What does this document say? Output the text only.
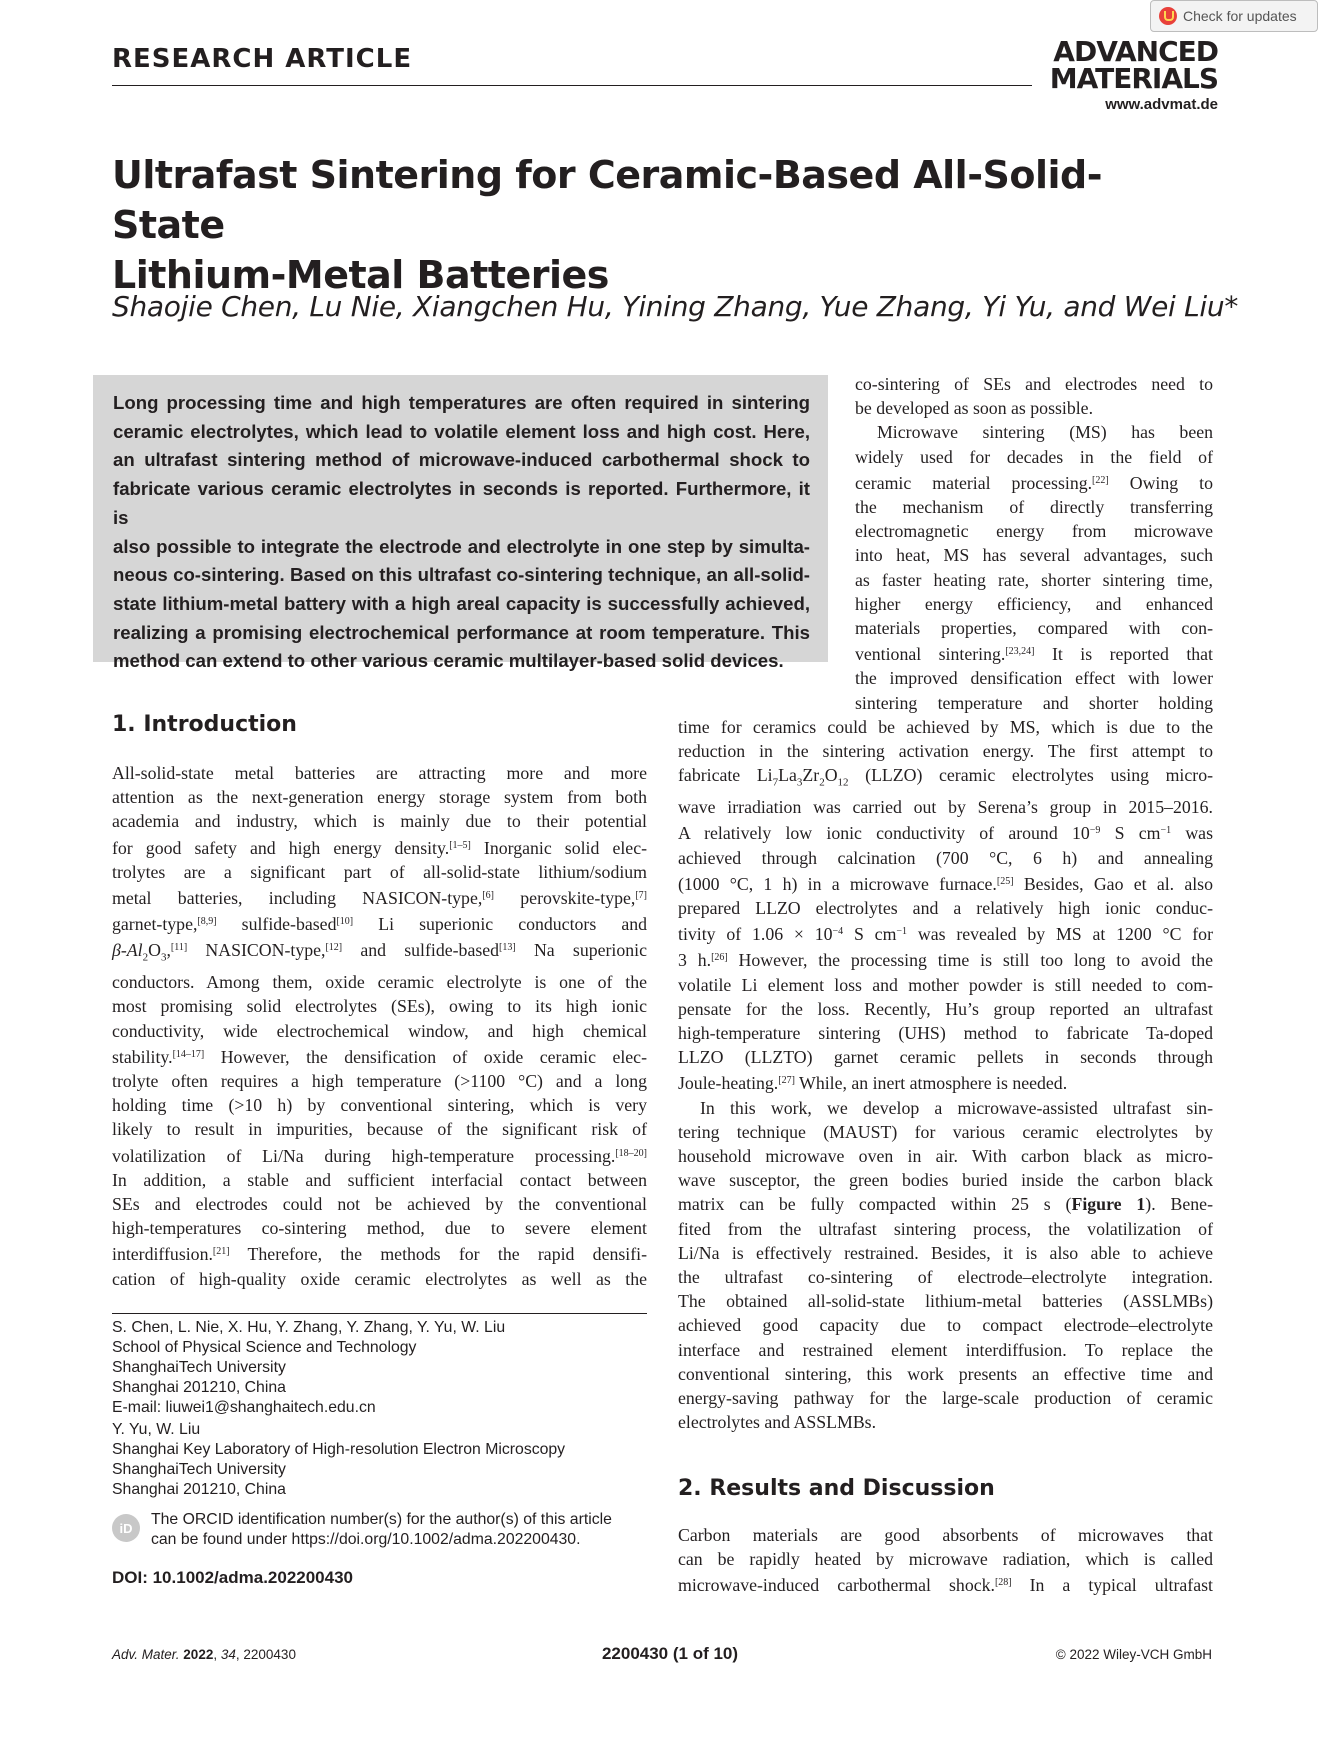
Check for updates
RESEARCH ARTICLE	ADVANCED
MATERIALS
www.advmat.de
Ultrafast Sintering for Ceramic-Based All-Solid-State
Lithium-Metal Batteries
Shaojie Chen, Lu Nie, Xiangchen Hu, Yining Zhang, Yue Zhang, Yi Yu, and Wei Liu*

Long processing time and high temperatures are often required in sintering

ceramic electrolytes, which lead to volatile element loss and high cost. Here,

an ultrafast sintering method of microwave-induced carbothermal shock to

fabricate various ceramic electrolytes in seconds is reported. Furthermore, it is

also possible to integrate the electrode and electrolyte in one step by simulta-

neous co-sintering. Based on this ultrafast co-sintering technique, an all-solid-

state lithium-metal battery with a high areal capacity is successfully achieved,

realizing a promising electrochemical performance at room temperature. This

method can extend to other various ceramic multilayer-based solid devices.

co-sintering of SEs and electrodes need to

be developed as soon as possible.

Microwave sintering (MS) has been

widely used for decades in the field of

ceramic material processing.[22] Owing to

the mechanism of directly transferring

electromagnetic energy from microwave

into heat, MS has several advantages, such

as faster heating rate, shorter sintering time,

higher energy efficiency, and enhanced

materials properties, compared with con-

ventional sintering.[23,24] It is reported that

the improved densification effect with lower

sintering temperature and shorter holding

1. Introduction

All-solid-state metal batteries are attracting more and more

attention as the next-generation energy storage system from both

academia and industry, which is mainly due to their potential

for good safety and high energy density.[1–5] Inorganic solid elec-

trolytes are a significant part of all-solid-state lithium/sodium

metal batteries, including NASICON-type,[6] perovskite-type,[7]

garnet-type,[8,9] sulfide-based[10] Li superionic conductors and

$\beta-Al_2O_3,[11]$ NASICON-type,[12] and sulfide-based[13] Na superionic

conductors. Among them, oxide ceramic electrolyte is one of the

most promising solid electrolytes (SEs), owing to its high ionic

conductivity, wide electrochemical window, and high chemical

stability.[14–17] However, the densification of oxide ceramic elec-

trolyte often requires a high temperature (>1100 °C) and a long

holding time (>10 h) by conventional sintering, which is very

likely to result in impurities, because of the significant risk of

volatilization of Li/Na during high-temperature processing.[18–20]

In addition, a stable and sufficient interfacial contact between

SEs and electrodes could not be achieved by the conventional

high-temperatures co-sintering method, due to severe element

interdiffusion.[21] Therefore, the methods for the rapid densifi-

cation of high-quality oxide ceramic electrolytes as well as the

time for ceramics could be achieved by MS, which is due to the

reduction in the sintering activation energy. The first attempt to

fabricate $Li_7La_3Zr_2O_{12}$ (LLZO) ceramic electrolytes using micro-

wave irradiation was carried out by Serena’s group in 2015–2016.

A relatively low ionic conductivity of around $10^{-9}$ S $cm^{-1}$ was

achieved through calcination (700 °C, 6 h) and annealing

(1000 °C, 1 h) in a microwave furnace.[25] Besides, Gao et al. also

prepared LLZO electrolytes and a relatively high ionic conduc-

tivity of $1.06 \times 10^{-4}$ S $cm^{-1}$ was revealed by MS at 1200 °C for

3 h.[26] However, the processing time is still too long to avoid the

volatile Li element loss and mother powder is still needed to com-

pensate for the loss. Recently, Hu’s group reported an ultrafast

high-temperature sintering (UHS) method to fabricate Ta-doped

LLZO (LLZTO) garnet ceramic pellets in seconds through

Joule-heating.[27] While, an inert atmosphere is needed.

In this work, we develop a microwave-assisted ultrafast sin-

tering technique (MAUST) for various ceramic electrolytes by

household microwave oven in air. With carbon black as micro-

wave susceptor, the green bodies buried inside the carbon black

matrix can be fully compacted within 25 s (Figure 1). Bene-

fited from the ultrafast sintering process, the volatilization of

Li/Na is effectively restrained. Besides, it is also able to achieve

the ultrafast co-sintering of electrode–electrolyte integration.

The obtained all-solid-state lithium-metal batteries (ASSLMBs)

achieved good capacity due to compact electrode–electrolyte

interface and restrained element interdiffusion. To replace the

conventional sintering, this work presents an effective time and

energy-saving pathway for the large-scale production of ceramic

electrolytes and ASSLMBs.

2. Results and Discussion

Carbon materials are good absorbents of microwaves that

can be rapidly heated by microwave radiation, which is called

microwave-induced carbothermal shock.[28] In a typical ultrafast

S. Chen, L. Nie, X. Hu, Y. Zhang, Y. Zhang, Y. Yu, W. Liu
School of Physical Science and Technology
ShanghaiTech University
Shanghai 201210, China
E-mail: liuwei1@shanghaitech.edu.cn
Y. Yu, W. Liu
Shanghai Key Laboratory of High-resolution Electron Microscopy
ShanghaiTech University
Shanghai 201210, China
iD	The ORCID identification number(s) for the author(s) of this article
can be found under https://doi.org/10.1002/adma.202200430.
DOI: 10.1002/adma.202200430
Adv. Mater. 2022, 34, 2200430	2200430 (1 of 10)	© 2022 Wiley-VCH GmbH
